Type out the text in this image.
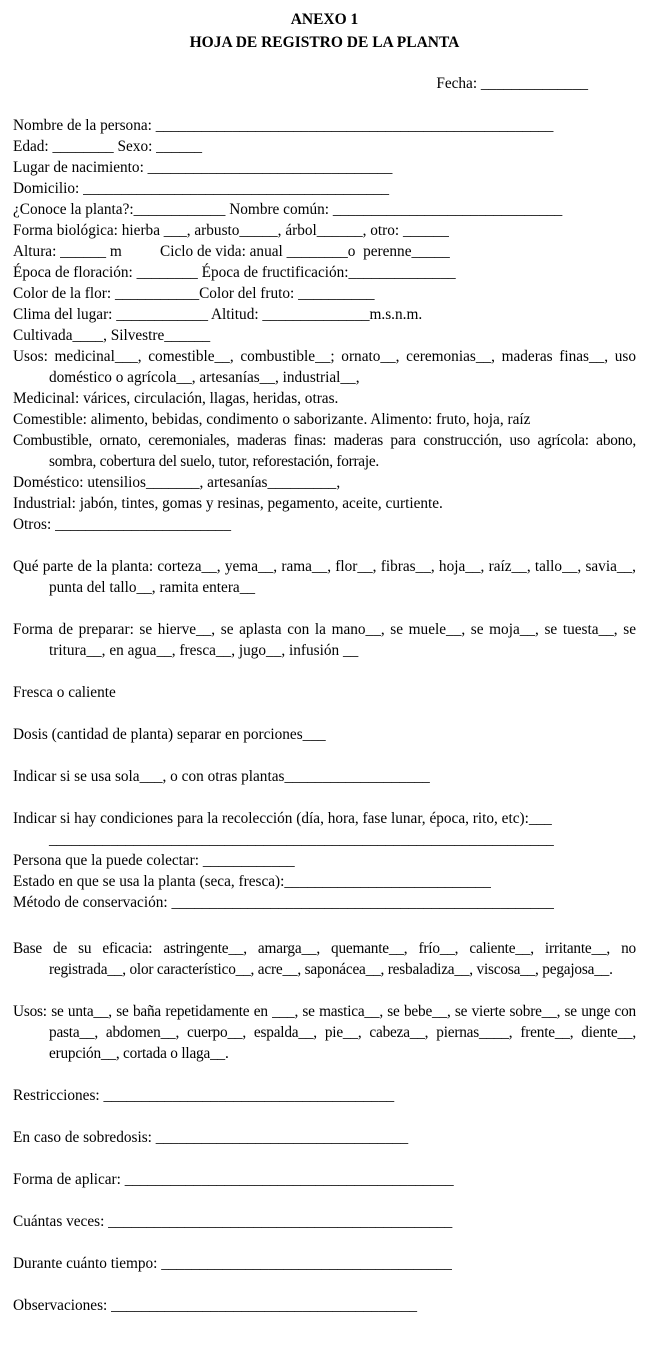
ANEXO 1
HOJA DE REGISTRO DE LA PLANTA
Fecha: ______________
Nombre de la persona: ____________________________________________________
Edad: ________ Sexo: ______
Lugar de nacimiento: ________________________________
Domicilio: ________________________________________
¿Conoce la planta?:____________ Nombre común: ______________________________
Forma biológica: hierba ___, arbusto_____, árbol______, otro: ______
Altura: ______ m          Ciclo de vida: anual ________o  perenne_____
Época de floración: ________ Época de fructificación:______________
Color de la flor: ___________Color del fruto: __________
Clima del lugar: ____________ Altitud: ______________m.s.n.m.
Cultivada____, Silvestre______
Usos: medicinal___, comestible__, combustible__; ornato__, ceremonias__, maderas finas__, uso doméstico o agrícola__, artesanías__, industrial__,
Medicinal: várices, circulación, llagas, heridas, otras.
Comestible: alimento, bebidas, condimento o saborizante. Alimento: fruto, hoja, raíz
Combustible, ornato, ceremoniales, maderas finas: maderas para construcción, uso agrícola: abono, sombra, cobertura del suelo, tutor, reforestación, forraje.
Doméstico: utensilios_______, artesanías_________,
Industrial: jabón, tintes, gomas y resinas, pegamento, aceite, curtiente.
Otros: _______________________
Qué parte de la planta: corteza__, yema__, rama__, flor__, fibras__, hoja__, raíz__, tallo__, savia__, punta del tallo__, ramita entera__
Forma de preparar: se hierve__, se aplasta con la mano__, se muele__, se moja__, se tuesta__, se tritura__, en agua__, fresca__, jugo__, infusión __
Fresca o caliente
Dosis (cantidad de planta) separar en porciones___
Indicar si se usa sola___, o con otras plantas___________________
Indicar si hay condiciones para la recolección (día, hora, fase lunar, época, rito, etc):___
__________________________________________________________________
Persona que la puede colectar: ____________
Estado en que se usa la planta (seca, fresca):___________________________
Método de conservación: __________________________________________________
Base de su eficacia: astringente__, amarga__, quemante__, frío__, caliente__, irritante__, no registrada__, olor característico__, acre__, saponácea__, resbaladiza__, viscosa__, pegajosa__.
Usos: se unta__, se baña repetidamente en ___, se mastica__, se bebe__, se vierte sobre__, se unge con pasta__, abdomen__, cuerpo__, espalda__, pie__, cabeza__, piernas____, frente__, diente__, erupción__, cortada o llaga__.
Restricciones: ______________________________________
En caso de sobredosis: _________________________________
Forma de aplicar: ___________________________________________
Cuántas veces: _____________________________________________
Durante cuánto tiempo: ______________________________________
Observaciones: ________________________________________
